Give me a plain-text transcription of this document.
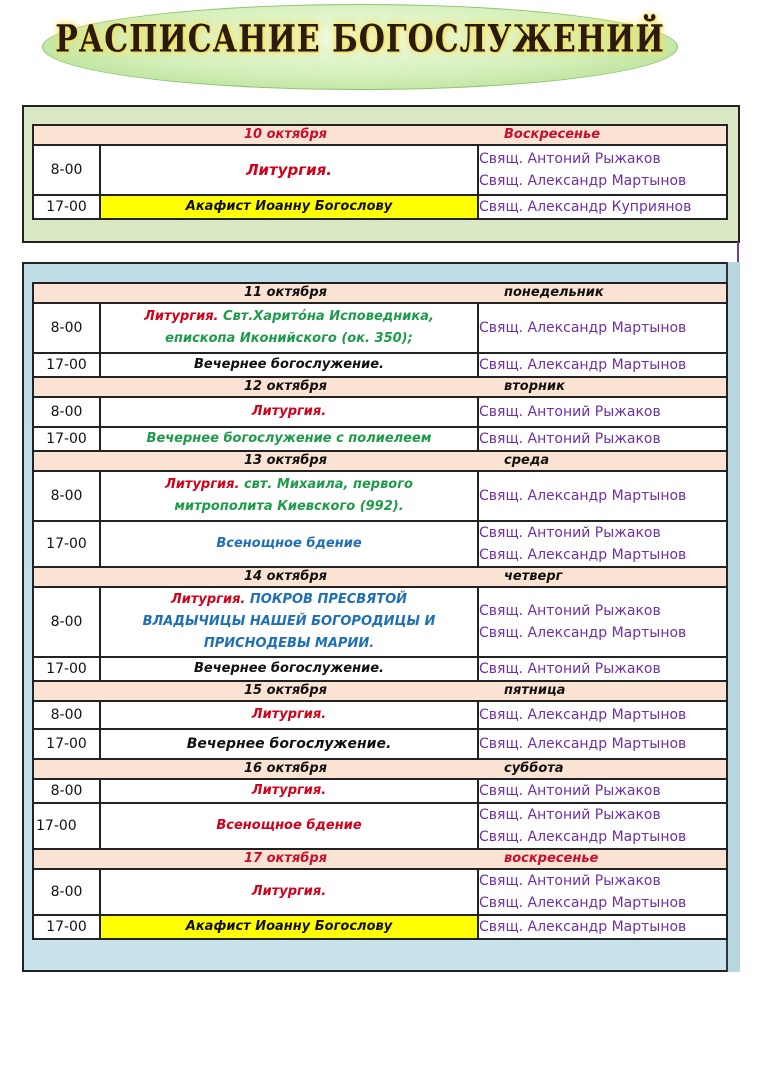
РАСПИСАНИЕ БОГОСЛУЖЕНИЙ
10 октября Воскресенье		

8-00	Литургия.	Свящ. Антоний Рыжаков
Свящ. Александр Мартынов

17-00	Акафист Иоанну Богослову	Свящ. Александр Куприянов
11 октября понедельник		

8-00	Литургия. Свт.Харито́на Исповедника, епископа Иконийского (ок. 350);	Свящ. Александр Мартынов
17-00	Вечернее богослужение.	Свящ. Александр Мартынов

12 октября вторник		

8-00	Литургия.	Свящ. Антоний Рыжаков
17-00	Вечернее богослужение с полиелеем	Свящ. Антоний Рыжаков

13 октября среда		

8-00	Литургия. свт. Михаила, первого митрополита Киевского (992).	Свящ. Александр Мартынов
17-00	Всенощное бдение	Свящ. Антоний Рыжаков
Свящ. Александр Мартынов

14 октября четверг		

8-00	Литургия. ПОКРОВ ПРЕСВЯТОЙ ВЛАДЫЧИЦЫ НАШЕЙ БОГОРОДИЦЫ И ПРИСНОДЕВЫ МАРИИ.	Свящ. Антоний Рыжаков
Свящ. Александр Мартынов

17-00	Вечернее богослужение.	Свящ. Антоний Рыжаков

15 октября пятница		

8-00	Литургия.	Свящ. Александр Мартынов
17-00	Вечернее богослужение.	Свящ. Александр Мартынов

16 октября суббота		

8-00	Литургия.	Свящ. Антоний Рыжаков
17-00	Всенощное бдение	Свящ. Антоний Рыжаков
Свящ. Александр Мартынов

17 октября воскресенье		

8-00	Литургия.	Свящ. Антоний Рыжаков
Свящ. Александр Мартынов

17-00	Акафист Иоанну Богослову	Свящ. Александр Мартынов
